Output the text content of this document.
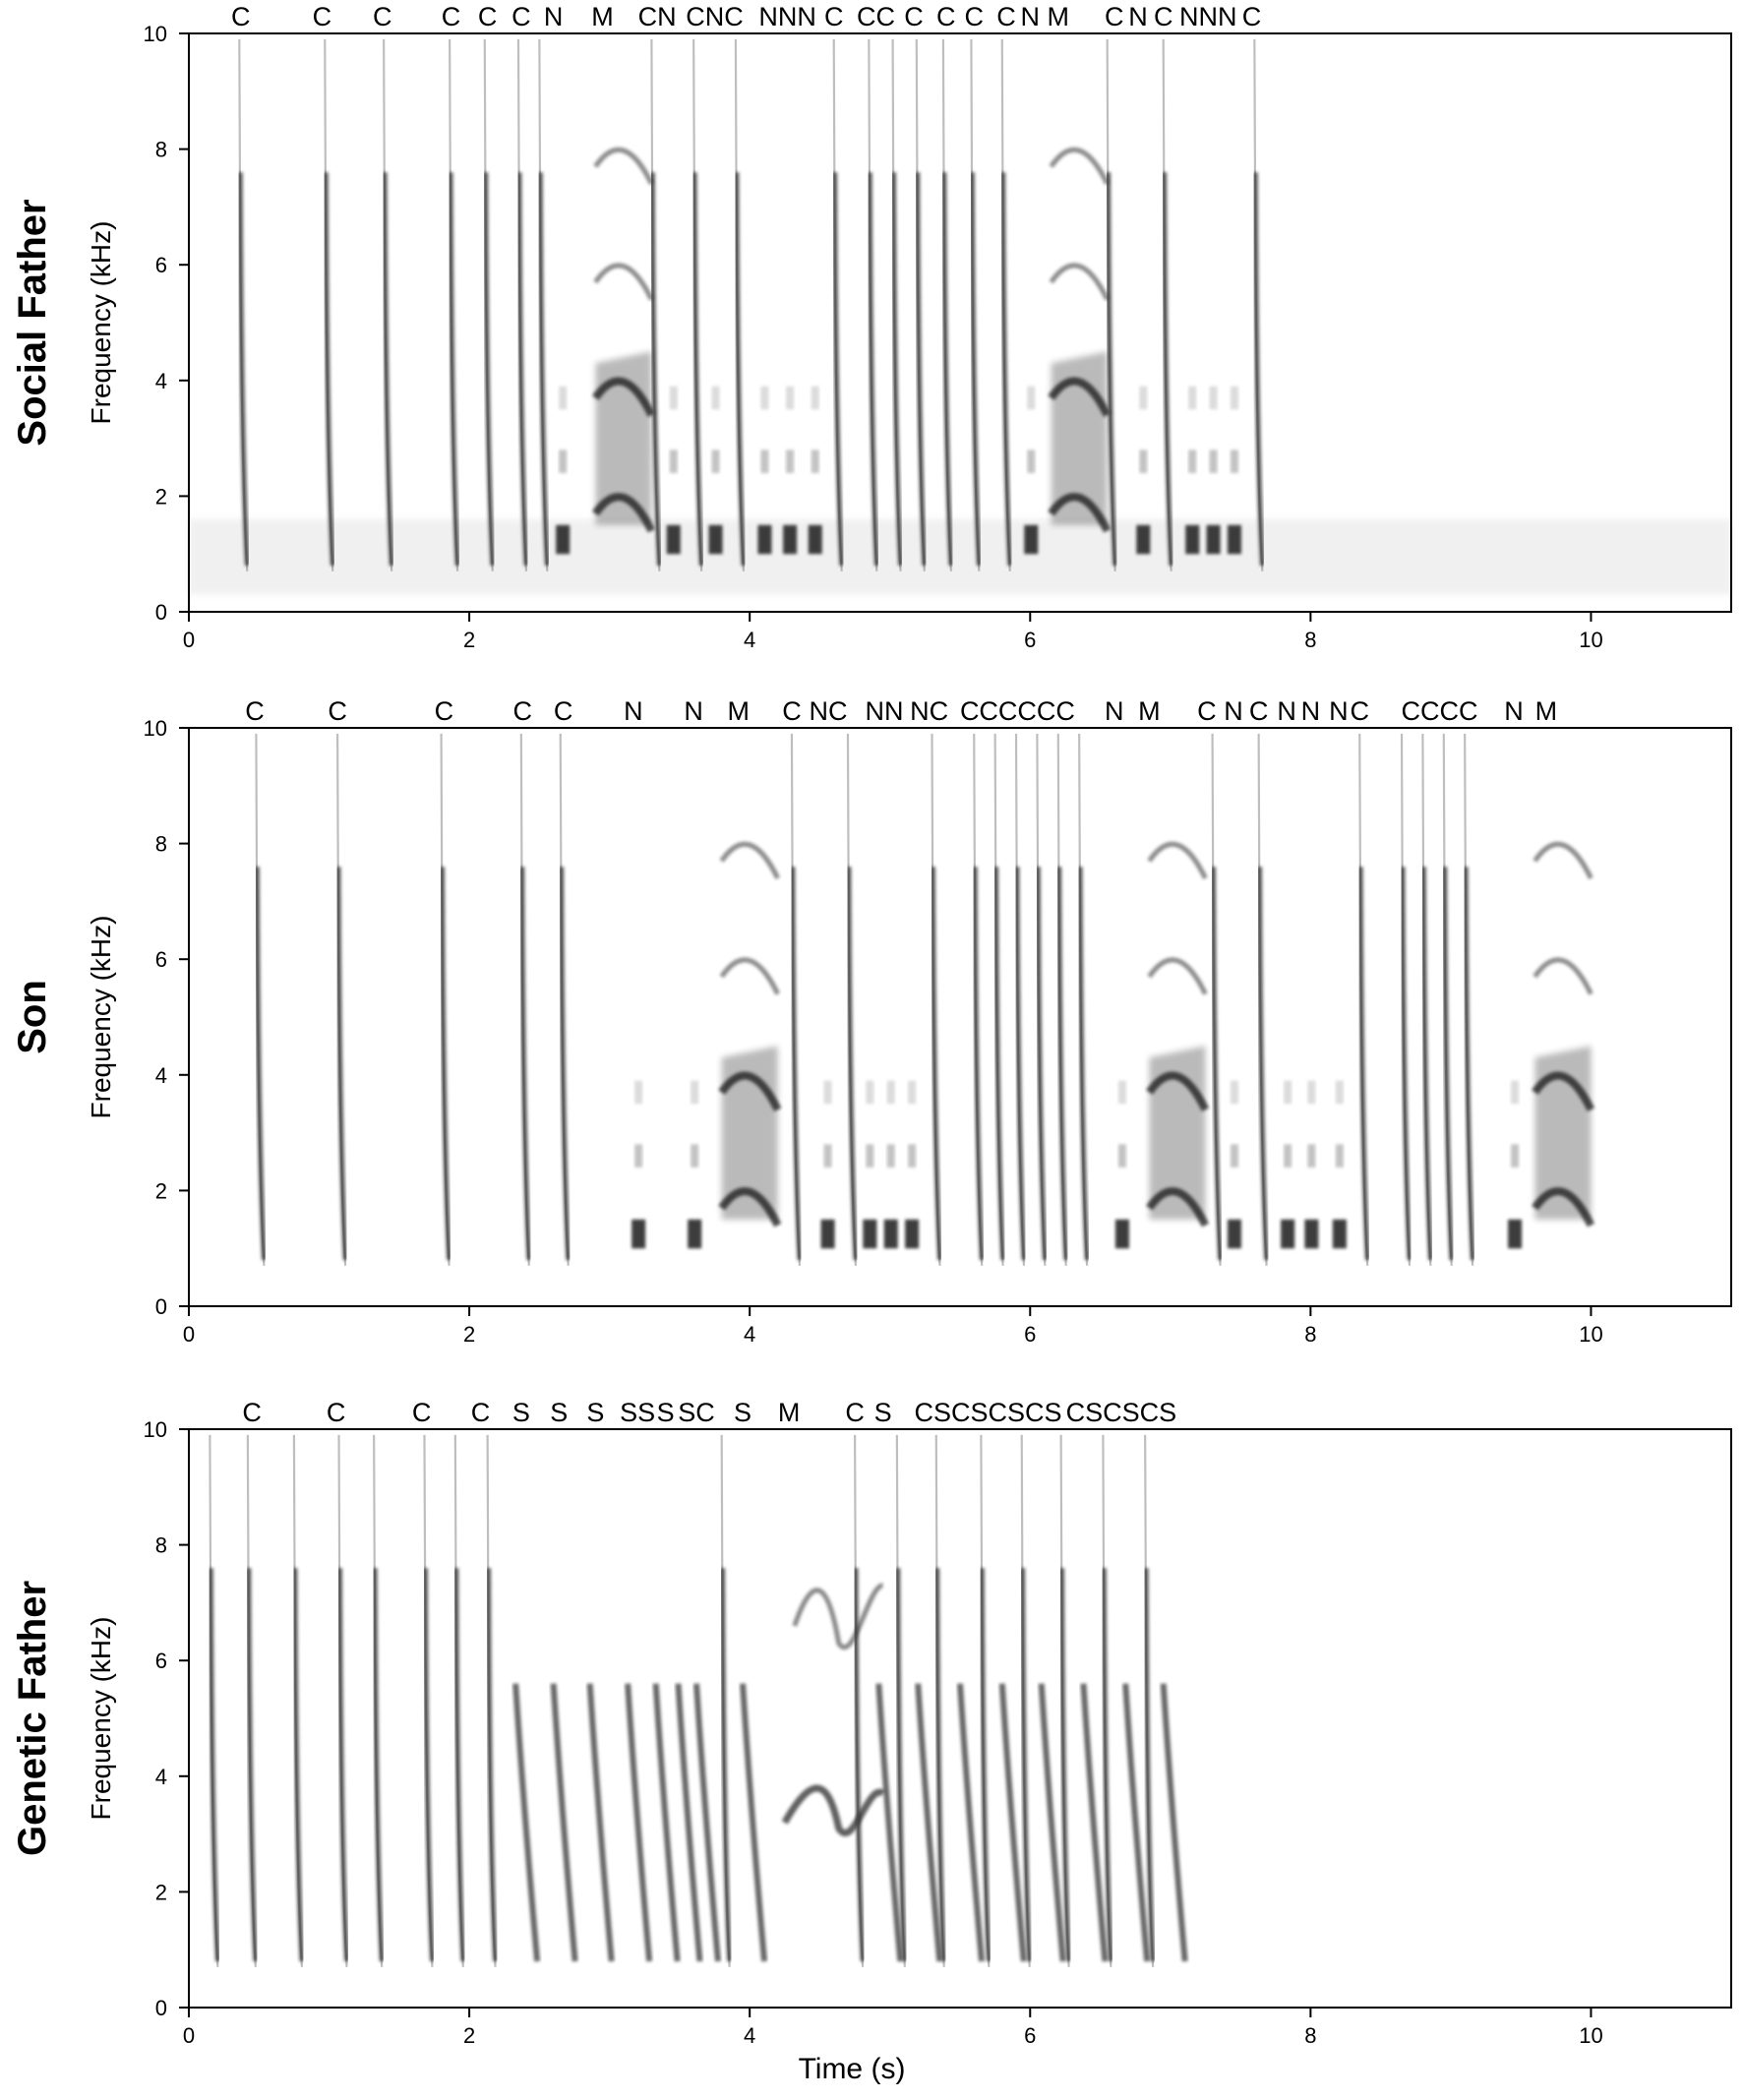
0
2
4
6
8
10
0	2	4	6	8	10
Frequency (kHz)
Social Father
C C C C C C N M CN CNC NNN C CC C C C C N M C N C NNN C
0
2
4
6
8
10
0	2	4	6	8	10
Frequency (kHz)
Son
C C	C C C N N M C NC NN NC CCCCCC N M C N C N N N C CCCC N M
0
2
4
6
8
10
0	2	4	6	8	10
Frequency (kHz)
Genetic Father
C C C C S S S SS S SC S M C S CSCSCSCS CSCSCS
Time (s)
